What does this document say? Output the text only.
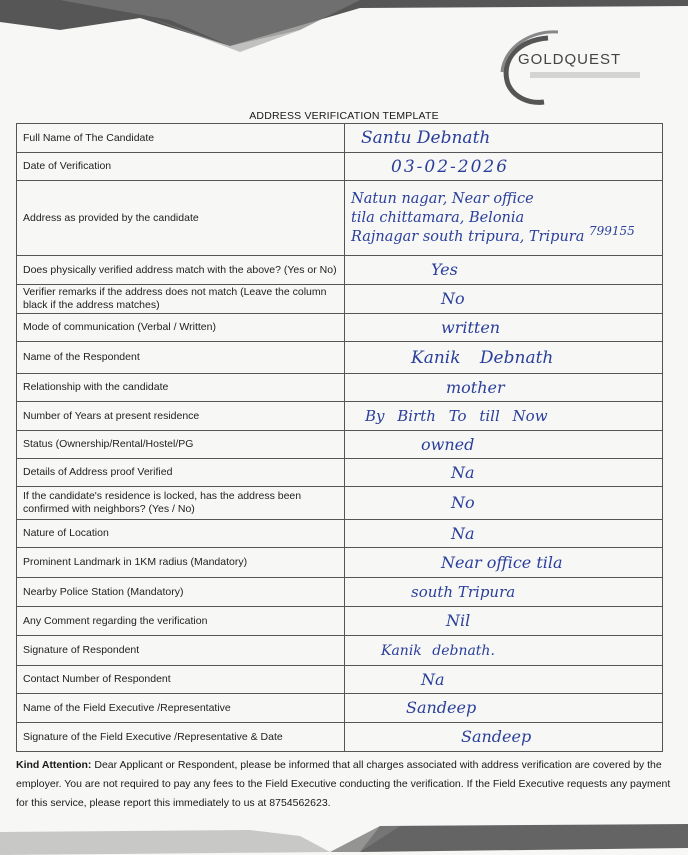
GOLDQUEST
ADDRESS VERIFICATION TEMPLATE
Full Name of The Candidate	Santu Debnath

Date of Verification	03-02-2026

Address as provided by the candidate	Natun nagar, Near office
tila chittamara, Belonia
Rajnagar south tripura, Tripura $^{799155}$

Does physically verified address match with the above? (Yes or No)	Yes

Verifier remarks if the address does not match (Leave the column black if the address matches)	No

Mode of communication (Verbal / Written)	written

Name of the Respondent	Kanik Debnath

Relationship with the candidate	mother

Number of Years at present residence	By Birth To till Now

Status (Ownership/Rental/Hostel/PG	owned

Details of Address proof Verified	Na

If the candidate's residence is locked, has the address been confirmed with neighbors? (Yes / No)	No

Nature of Location	Na

Prominent Landmark in 1KM radius (Mandatory)	Near office tila

Nearby Police Station (Mandatory)	south Tripura

Any Comment regarding the verification	Nil

Signature of Respondent	Kanik debnath.

Contact Number of Respondent	Na

Name of the Field Executive /Representative	Sandeep

Signature of the Field Executive /Representative & Date	Sandeep
Kind Attention: Dear Applicant or Respondent, please be informed that all charges associated with address verification are covered by the employer. You are not required to pay any fees to the Field Executive conducting the verification. If the Field Executive requests any payment for this service, please report this immediately to us at 8754562623.
